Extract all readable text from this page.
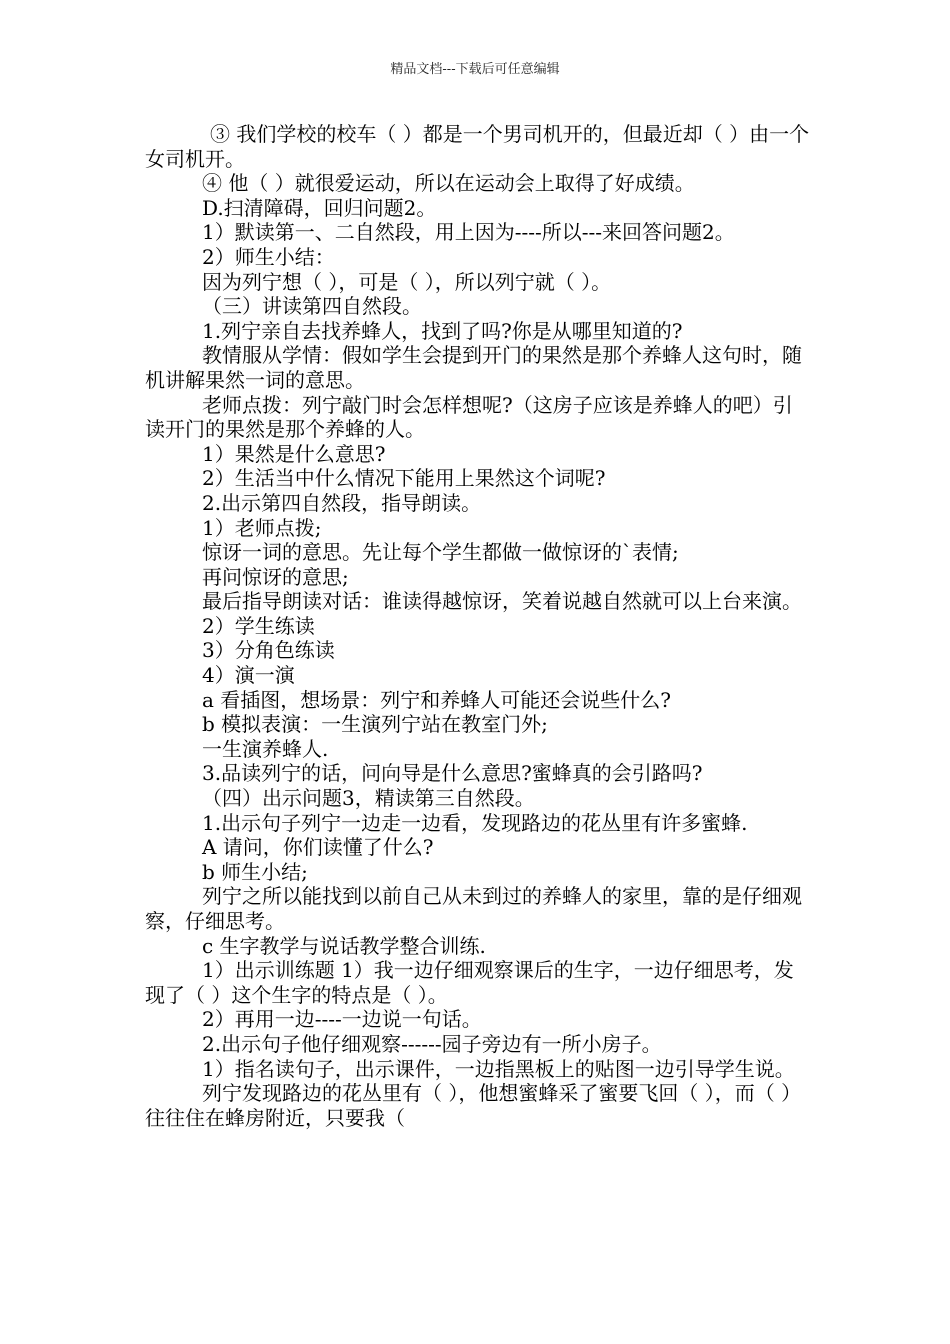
精品文档---下载后可任意编辑

③ 我们学校的校车（ ）都是一个男司机开的，但最近却（ ）由一个女司机开。

④ 他（ ）就很爱运动，所以在运动会上取得了好成绩。

D.扫清障碍，回归问题2。

1）默读第一、二自然段，用上因为----所以---来回答问题2。

2）师生小结：

因为列宁想（ ），可是（ ），所以列宁就（ ）。

（三）讲读第四自然段。

1.列宁亲自去找养蜂人，找到了吗?你是从哪里知道的?

教情服从学情：假如学生会提到开门的果然是那个养蜂人这句时，随机讲解果然一词的意思。

老师点拨：列宁敲门时会怎样想呢?（这房子应该是养蜂人的吧）引读开门的果然是那个养蜂的人。

1）果然是什么意思?

2）生活当中什么情况下能用上果然这个词呢?

2.出示第四自然段，指导朗读。

1）老师点拨;

惊讶一词的意思。先让每个学生都做一做惊讶的`表情;

再问惊讶的意思;

最后指导朗读对话：谁读得越惊讶，笑着说越自然就可以上台来演。

2）学生练读

3）分角色练读

4）演一演

a 看插图，想场景：列宁和养蜂人可能还会说些什么?

b 模拟表演：一生演列宁站在教室门外;

一生演养蜂人.

3.品读列宁的话，问向导是什么意思?蜜蜂真的会引路吗?

（四）出示问题3，精读第三自然段。

1.出示句子列宁一边走一边看，发现路边的花丛里有许多蜜蜂.

A 请问，你们读懂了什么?

b 师生小结;

列宁之所以能找到以前自己从未到过的养蜂人的家里，靠的是仔细观察，仔细思考。

c 生字教学与说话教学整合训练.

1）出示训练题 1）我一边仔细观察课后的生字，一边仔细思考，发现了（ ）这个生字的特点是（ ）。

2）再用一边----一边说一句话。

2.出示句子他仔细观察------园子旁边有一所小房子。

1）指名读句子，出示课件，一边指黑板上的贴图一边引导学生说。

列宁发现路边的花丛里有（ ），他想蜜蜂采了蜜要飞回（ ），而（ ）往往住在蜂房附近，只要我（
